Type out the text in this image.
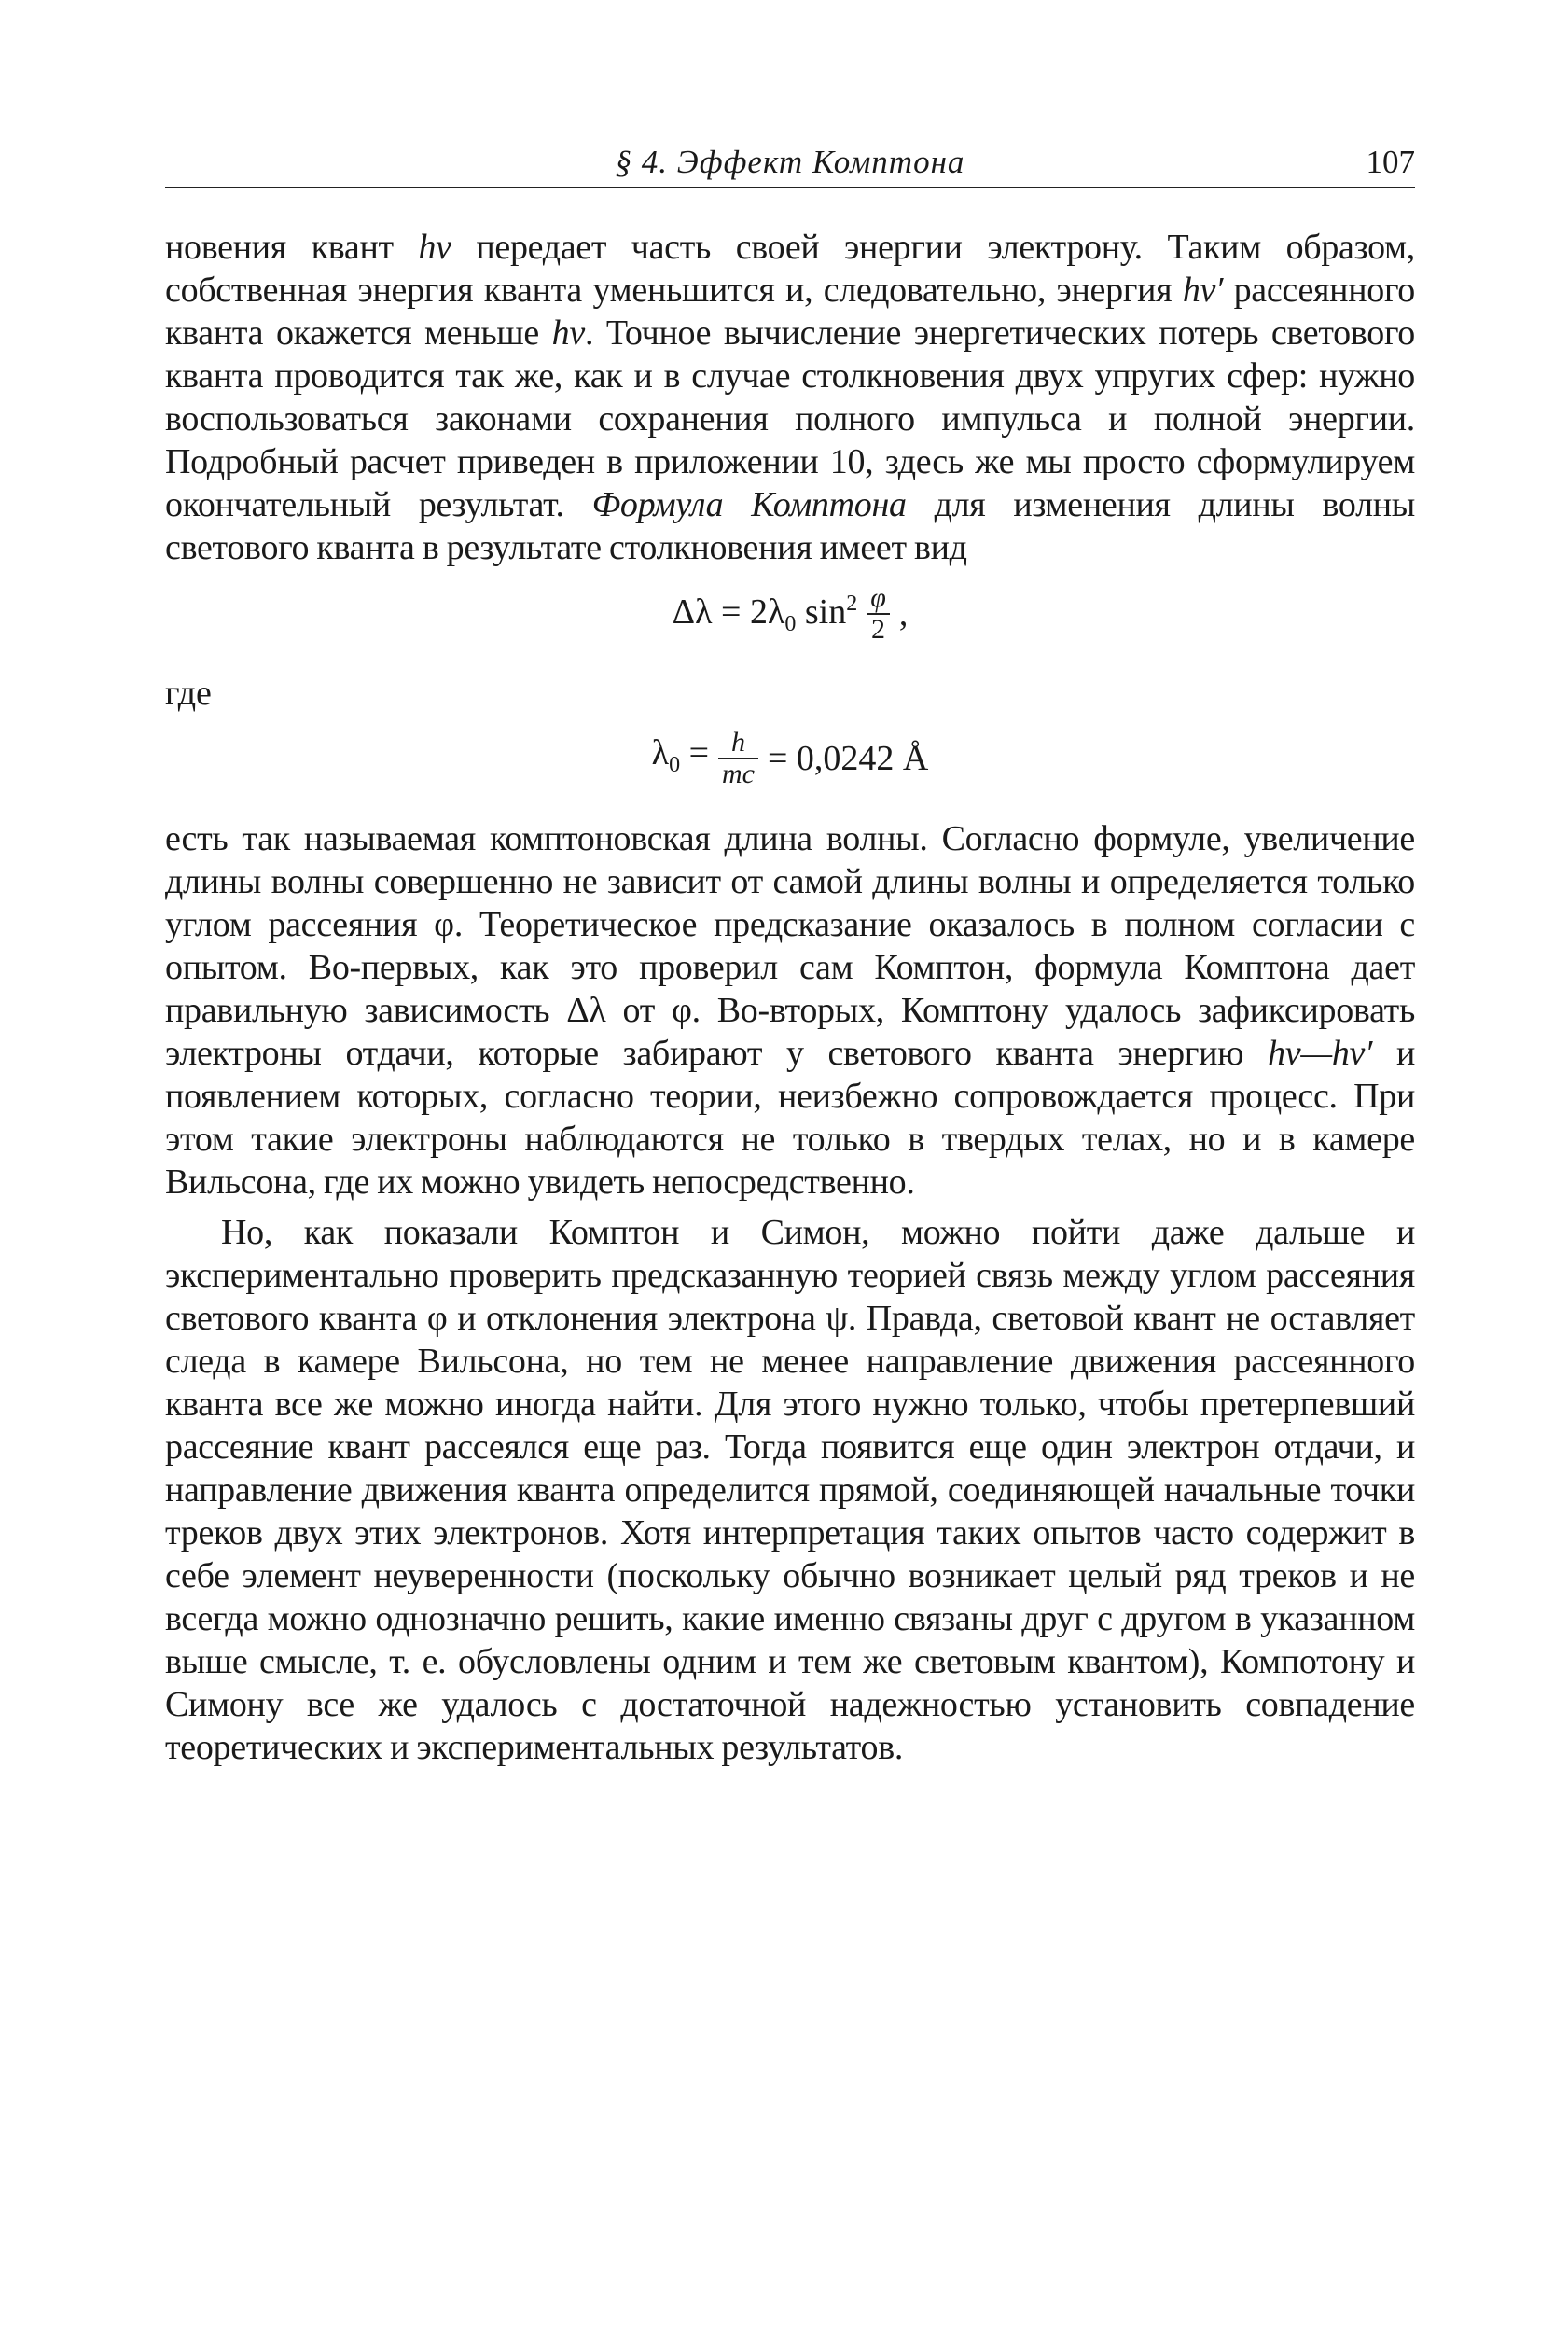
§ 4. Эффект Комптона	107

новения квант hν передает часть своей энергии электрону. Таким образом, собственная энергия кванта уменьшится и, следовательно, энергия hν′ рассеянного кванта окажется меньше hν. Точное вычисление энергетических потерь светового кванта проводится так же, как и в случае столкновения двух упругих сфер: нужно воспользоваться законами сохранения полного импульса и полной энергии. Подробный расчет приведен в приложении 10, здесь же мы просто сформулируем окончательный результат. Формула Комптона для изменения длины волны светового кванта в результате столкновения имеет вид

$\Delta\lambda = 2\lambda_0$ $\sin^2 \frac{\varphi}{2}$ ,

где

$\lambda_0 = \frac{h}{mc} = 0,0242$ Å

есть так называемая комптоновская длина волны. Согласно формуле, увеличение длины волны совершенно не зависит от самой длины волны и определяется только углом рассеяния φ. Теоретическое предсказание оказалось в полном согласии с опытом. Во-первых, как это проверил сам Комптон, формула Комптона дает правильную зависимость Δλ от φ. Во-вторых, Комптону удалось зафиксировать электроны отдачи, которые забирают у светового кванта энергию hν—hν′ и появлением которых, согласно теории, неизбежно сопровождается процесс. При этом такие электроны наблюдаются не только в твердых телах, но и в камере Вильсона, где их можно увидеть непосредственно.

Но, как показали Комптон и Симон, можно пойти даже дальше и экспериментально проверить предсказанную теорией связь между углом рассеяния светового кванта φ и отклонения электрона ψ. Правда, световой квант не оставляет следа в камере Вильсона, но тем не менее направление движения рассеянного кванта все же можно иногда найти. Для этого нужно только, чтобы претерпевший рассеяние квант рассеялся еще раз. Тогда появится еще один электрон отдачи, и направление движения кванта определится прямой, соединяющей начальные точки треков двух этих электронов. Хотя интерпретация таких опытов часто содержит в себе элемент неуверенности (поскольку обычно возникает целый ряд треков и не всегда можно однозначно решить, какие именно связаны друг с другом в указанном выше смысле, т. е. обусловлены одним и тем же световым квантом), Компотону и Симону все же удалось с достаточной надежностью установить совпадение теоретических и экспериментальных результатов.
